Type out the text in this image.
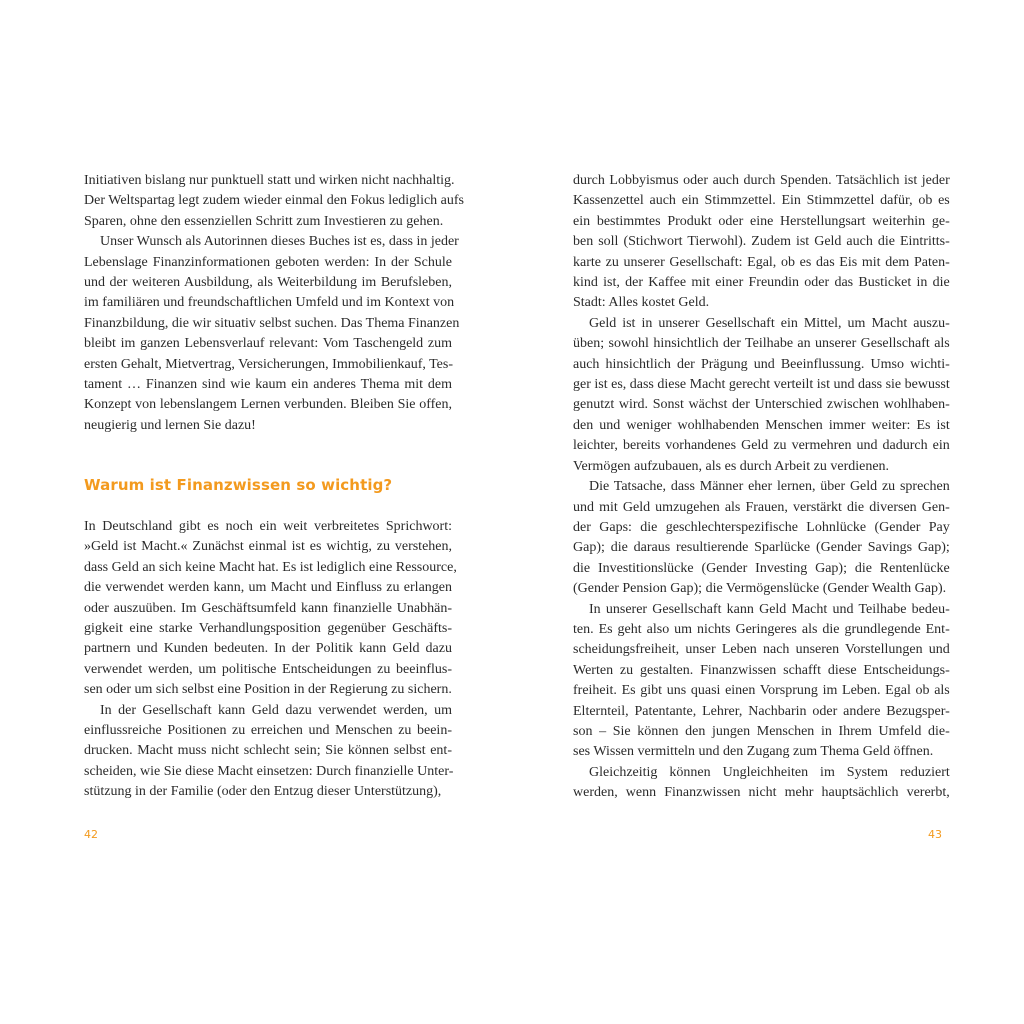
Initiativen bislang nur punktuell statt und wirken nicht nachhaltig.
Der Weltspartag legt zudem wieder einmal den Fokus lediglich aufs
Sparen, ohne den essenziellen Schritt zum Investieren zu gehen.
Unser Wunsch als Autorinnen dieses Buches ist es, dass in jeder
Lebenslage Finanzinformationen geboten werden: In der Schule
und der weiteren Ausbildung, als Weiterbildung im Berufsleben,
im familiären und freundschaftlichen Umfeld und im Kontext von
Finanzbildung, die wir situativ selbst suchen. Das Thema Finanzen
bleibt im ganzen Lebensverlauf relevant: Vom Taschengeld zum
ersten Gehalt, Mietvertrag, Versicherungen, Immobilienkauf, Tes-
tament … Finanzen sind wie kaum ein anderes Thema mit dem
Konzept von lebenslangem Lernen verbunden. Bleiben Sie offen,
neugierig und lernen Sie dazu!
Warum ist Finanzwissen so wichtig?
In Deutschland gibt es noch ein weit verbreitetes Sprichwort:
»Geld ist Macht.« Zunächst einmal ist es wichtig, zu verstehen,
dass Geld an sich keine Macht hat. Es ist lediglich eine Ressource,
die verwendet werden kann, um Macht und Einfluss zu erlangen
oder auszuüben. Im Geschäftsumfeld kann finanzielle Unabhän-
gigkeit eine starke Verhandlungsposition gegenüber Geschäfts-
partnern und Kunden bedeuten. In der Politik kann Geld dazu
verwendet werden, um politische Entscheidungen zu beeinflus-
sen oder um sich selbst eine Position in der Regierung zu sichern.
In der Gesellschaft kann Geld dazu verwendet werden, um
einflussreiche Positionen zu erreichen und Menschen zu beein-
drucken. Macht muss nicht schlecht sein; Sie können selbst ent-
scheiden, wie Sie diese Macht einsetzen: Durch finanzielle Unter-
stützung in der Familie (oder den Entzug dieser Unterstützung),
42	43
durch Lobbyismus oder auch durch Spenden. Tatsächlich ist jeder
Kassenzettel auch ein Stimmzettel. Ein Stimmzettel dafür, ob es
ein bestimmtes Produkt oder eine Herstellungsart weiterhin ge-
ben soll (Stichwort Tierwohl). Zudem ist Geld auch die Eintritts-
karte zu unserer Gesellschaft: Egal, ob es das Eis mit dem Paten-
kind ist, der Kaffee mit einer Freundin oder das Busticket in die
Stadt: Alles kostet Geld.
Geld ist in unserer Gesellschaft ein Mittel, um Macht auszu-
üben; sowohl hinsichtlich der Teilhabe an unserer Gesellschaft als
auch hinsichtlich der Prägung und Beeinflussung. Umso wichti-
ger ist es, dass diese Macht gerecht verteilt ist und dass sie bewusst
genutzt wird. Sonst wächst der Unterschied zwischen wohlhaben-
den und weniger wohlhabenden Menschen immer weiter: Es ist
leichter, bereits vorhandenes Geld zu vermehren und dadurch ein
Vermögen aufzubauen, als es durch Arbeit zu verdienen.
Die Tatsache, dass Männer eher lernen, über Geld zu sprechen
und mit Geld umzugehen als Frauen, verstärkt die diversen Gen-
der Gaps: die geschlechterspezifische Lohnlücke (Gender Pay
Gap); die daraus resultierende Sparlücke (Gender Savings Gap);
die Investitionslücke (Gender Investing Gap); die Rentenlücke
(Gender Pension Gap); die Vermögenslücke (Gender Wealth Gap).
In unserer Gesellschaft kann Geld Macht und Teilhabe bedeu-
ten. Es geht also um nichts Geringeres als die grundlegende Ent-
scheidungsfreiheit, unser Leben nach unseren Vorstellungen und
Werten zu gestalten. Finanzwissen schafft diese Entscheidungs-
freiheit. Es gibt uns quasi einen Vorsprung im Leben. Egal ob als
Elternteil, Patentante, Lehrer, Nachbarin oder andere Bezugsper-
son – Sie können den jungen Menschen in Ihrem Umfeld die-
ses Wissen vermitteln und den Zugang zum Thema Geld öffnen.
Gleichzeitig können Ungleichheiten im System reduziert
werden, wenn Finanzwissen nicht mehr hauptsächlich vererbt,
